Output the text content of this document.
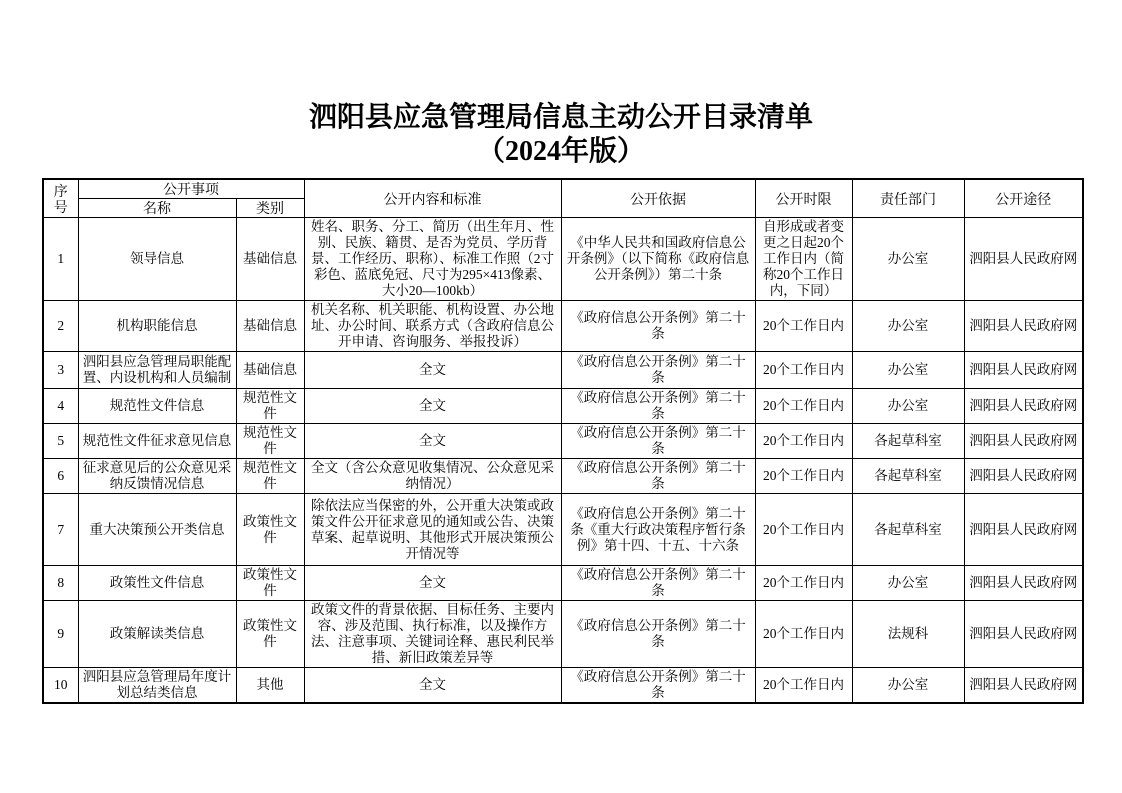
泗阳县应急管理局信息主动公开目录清单
（2024年版）
序号	公开事项		公开内容和标准	公开依据	公开时限	责任部门	公开途径
	名称	类别					
1	领导信息	基础信息	姓名、职务、分工、简历（出生年月、性别、民族、籍贯、是否为党员、学历背景、工作经历、职称）、标准工作照（2寸彩色、蓝底免冠、尺寸为295×413像素、大小20—100kb）	《中华人民共和国政府信息公开条例》（以下简称《政府信息公开条例》）第二十条	自形成或者变更之日起20个工作日内（简称20个工作日内，下同）	办公室	泗阳县人民政府网
2	机构职能信息	基础信息	机关名称、机关职能、机构设置、办公地址、办公时间、联系方式（含政府信息公开申请、咨询服务、举报投诉）	《政府信息公开条例》第二十条	20个工作日内	办公室	泗阳县人民政府网
3	泗阳县应急管理局职能配置、内设机构和人员编制	基础信息	全文	《政府信息公开条例》第二十条	20个工作日内	办公室	泗阳县人民政府网
4	规范性文件信息	规范性文件	全文	《政府信息公开条例》第二十条	20个工作日内	办公室	泗阳县人民政府网
5	规范性文件征求意见信息	规范性文件	全文	《政府信息公开条例》第二十条	20个工作日内	各起草科室	泗阳县人民政府网
6	征求意见后的公众意见采纳反馈情况信息	规范性文件	全文（含公众意见收集情况、公众意见采纳情况）	《政府信息公开条例》第二十条	20个工作日内	各起草科室	泗阳县人民政府网
7	重大决策预公开类信息	政策性文件	除依法应当保密的外，公开重大决策或政策文件公开征求意见的通知或公告、决策草案、起草说明、其他形式开展决策预公开情况等	《政府信息公开条例》第二十条《重大行政决策程序暂行条例》第十四、十五、十六条	20个工作日内	各起草科室	泗阳县人民政府网
8	政策性文件信息	政策性文件	全文	《政府信息公开条例》第二十条	20个工作日内	办公室	泗阳县人民政府网
9	政策解读类信息	政策性文件	政策文件的背景依据、目标任务、主要内容、涉及范围、执行标准，以及操作方法、注意事项、关键词诠释、惠民利民举措、新旧政策差异等	《政府信息公开条例》第二十条	20个工作日内	法规科	泗阳县人民政府网
10	泗阳县应急管理局年度计划总结类信息	其他	全文	《政府信息公开条例》第二十条	20个工作日内	办公室	泗阳县人民政府网
